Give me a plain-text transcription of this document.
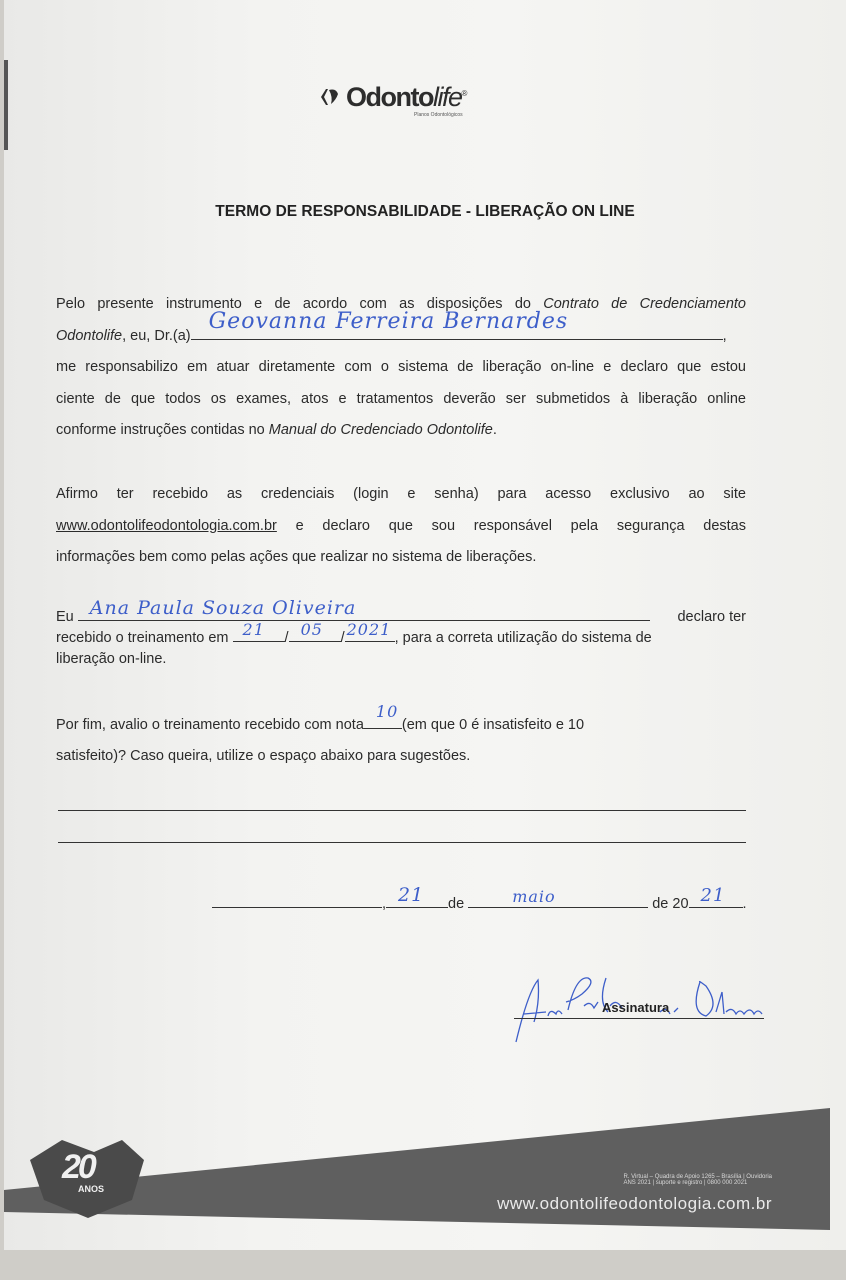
Odontolife®
Planos Odontológicos
TERMO DE RESPONSABILIDADE - LIBERAÇÃO ON LINE
Pelo presente instrumento e de acordo com as disposições do Contrato de Credenciamento
Odontolife, eu, Dr.(a)
Geovanna Ferreira Bernardes
,
me responsabilizo em atuar diretamente com o sistema de liberação on-line e declaro que estou
ciente de que todos os exames, atos e tratamentos deverão ser submetidos à liberação online
conforme instruções contidas no Manual do Credenciado Odontolife.
Afirmo ter recebido as credenciais (login e senha) para acesso exclusivo ao site
www.odontolifeodontologia.com.br e declaro que sou responsável pela segurança destas
informações bem como pelas ações que realizar no sistema de liberações.
Eu Ana Paula Souza Oliveira	declaro ter
recebido o treinamento em 21 / 05 / 2021 , para a correta utilização do sistema de
liberação on-line.
Por fim, avalio o treinamento recebido com nota
10
(em que 0 é insatisfeito e 10
satisfeito)? Caso queira, utilize o espaço abaixo para sugestões.
, 21 de	maio	de 20 21 .
Assinatura
20
ANOS
R. Virtual – Quadra de Apoio 1265 – Brasília | Ouvidoria
ANS 2021 | suporte e registro | 0800 000 2021
www.odontolifeodontologia.com.br
